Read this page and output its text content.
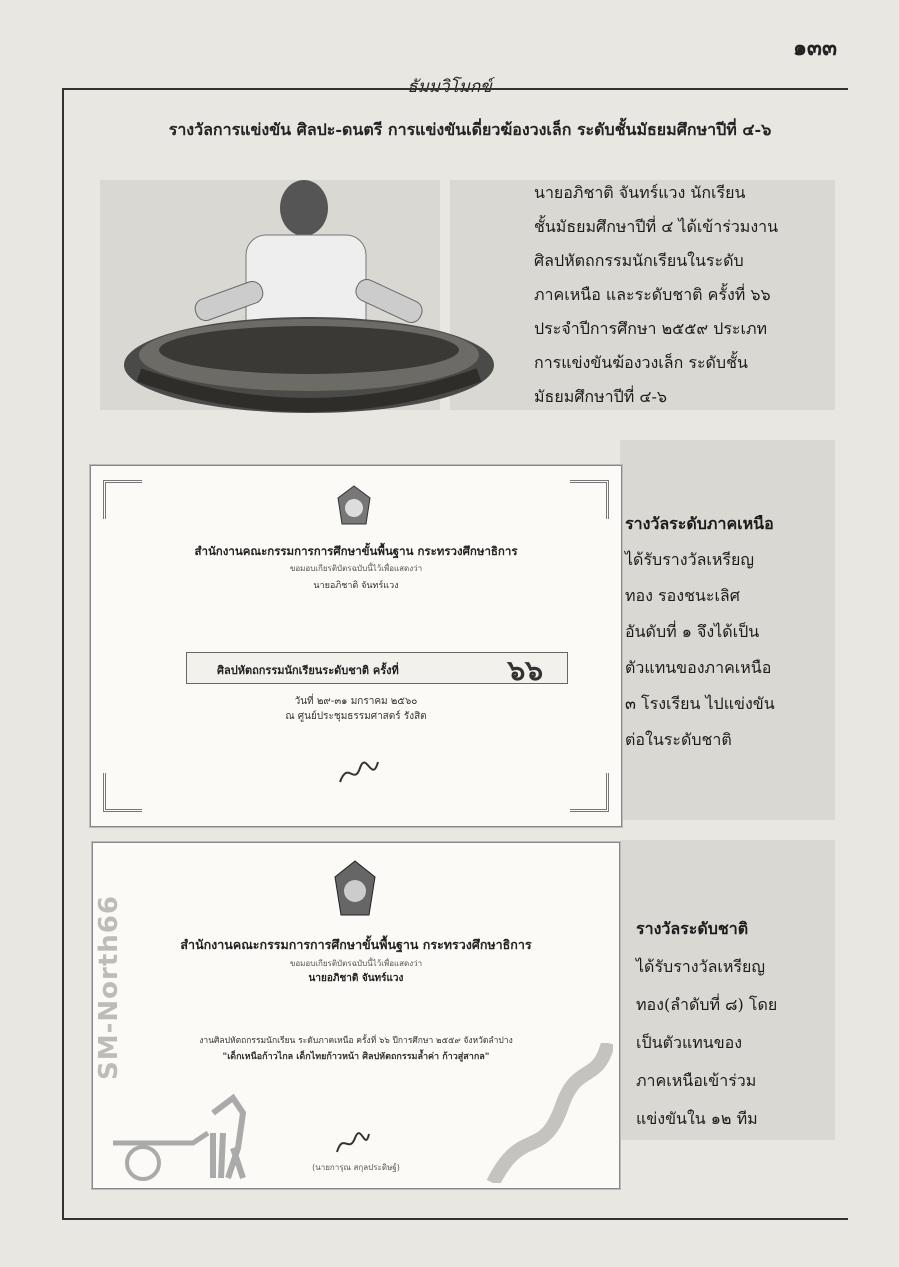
๑๓๓
ธัมมวิโมกข์
รางวัลการแข่งขัน ศิลปะ-ดนตรี การแข่งขันเดี่ยวฆ้องวงเล็ก ระดับชั้นมัธยมศึกษาปีที่ ๔-๖
นายอภิชาติ จันทร์แวง นักเรียน
ชั้นมัธยมศึกษาปีที่ ๔ ได้เข้าร่วมงาน
ศิลปหัตถกรรมนักเรียนในระดับ
ภาคเหนือ และระดับชาติ ครั้งที่ ๖๖
ประจำปีการศึกษา ๒๕๕๙ ประเภท
การแข่งขันฆ้องวงเล็ก ระดับชั้น
มัธยมศึกษาปีที่ ๔-๖
รางวัลระดับภาคเหนือ
ได้รับรางวัลเหรียญ
ทอง รองชนะเลิศ
อันดับที่ ๑ จึงได้เป็น
ตัวแทนของภาคเหนือ
๓ โรงเรียน ไปแข่งขัน
ต่อในระดับชาติ
รางวัลระดับชาติ
ได้รับรางวัลเหรียญ
ทอง(ลำดับที่ ๘) โดย
เป็นตัวแทนของ
ภาคเหนือเข้าร่วม
แข่งขันใน ๑๒ ทีม
สำนักงานคณะกรรมการการศึกษาขั้นพื้นฐาน กระทรวงศึกษาธิการ
ขอมอบเกียรติบัตรฉบับนี้ไว้เพื่อแสดงว่า
นายอภิชาติ จันทร์แวง
ศิลปหัตถกรรมนักเรียนระดับชาติ ครั้งที่	๖๖
วันที่ ๒๙-๓๑ มกราคม ๒๕๖๐
ณ ศูนย์ประชุมธรรมศาสตร์ รังสิต
สำนักงานคณะกรรมการการศึกษาขั้นพื้นฐาน กระทรวงศึกษาธิการ
ขอมอบเกียรติบัตรฉบับนี้ไว้เพื่อแสดงว่า
นายอภิชาติ จันทร์แวง
งานศิลปหัตถกรรมนักเรียน ระดับภาคเหนือ ครั้งที่ ๖๖ ปีการศึกษา ๒๕๕๙ จังหวัดลำปาง
"เด็กเหนือก้าวไกล เด็กไทยก้าวหน้า ศิลปหัตถกรรมล้ำค่า ก้าวสู่สากล"
(นายการุณ สกุลประดิษฐ์)
SM-North66
